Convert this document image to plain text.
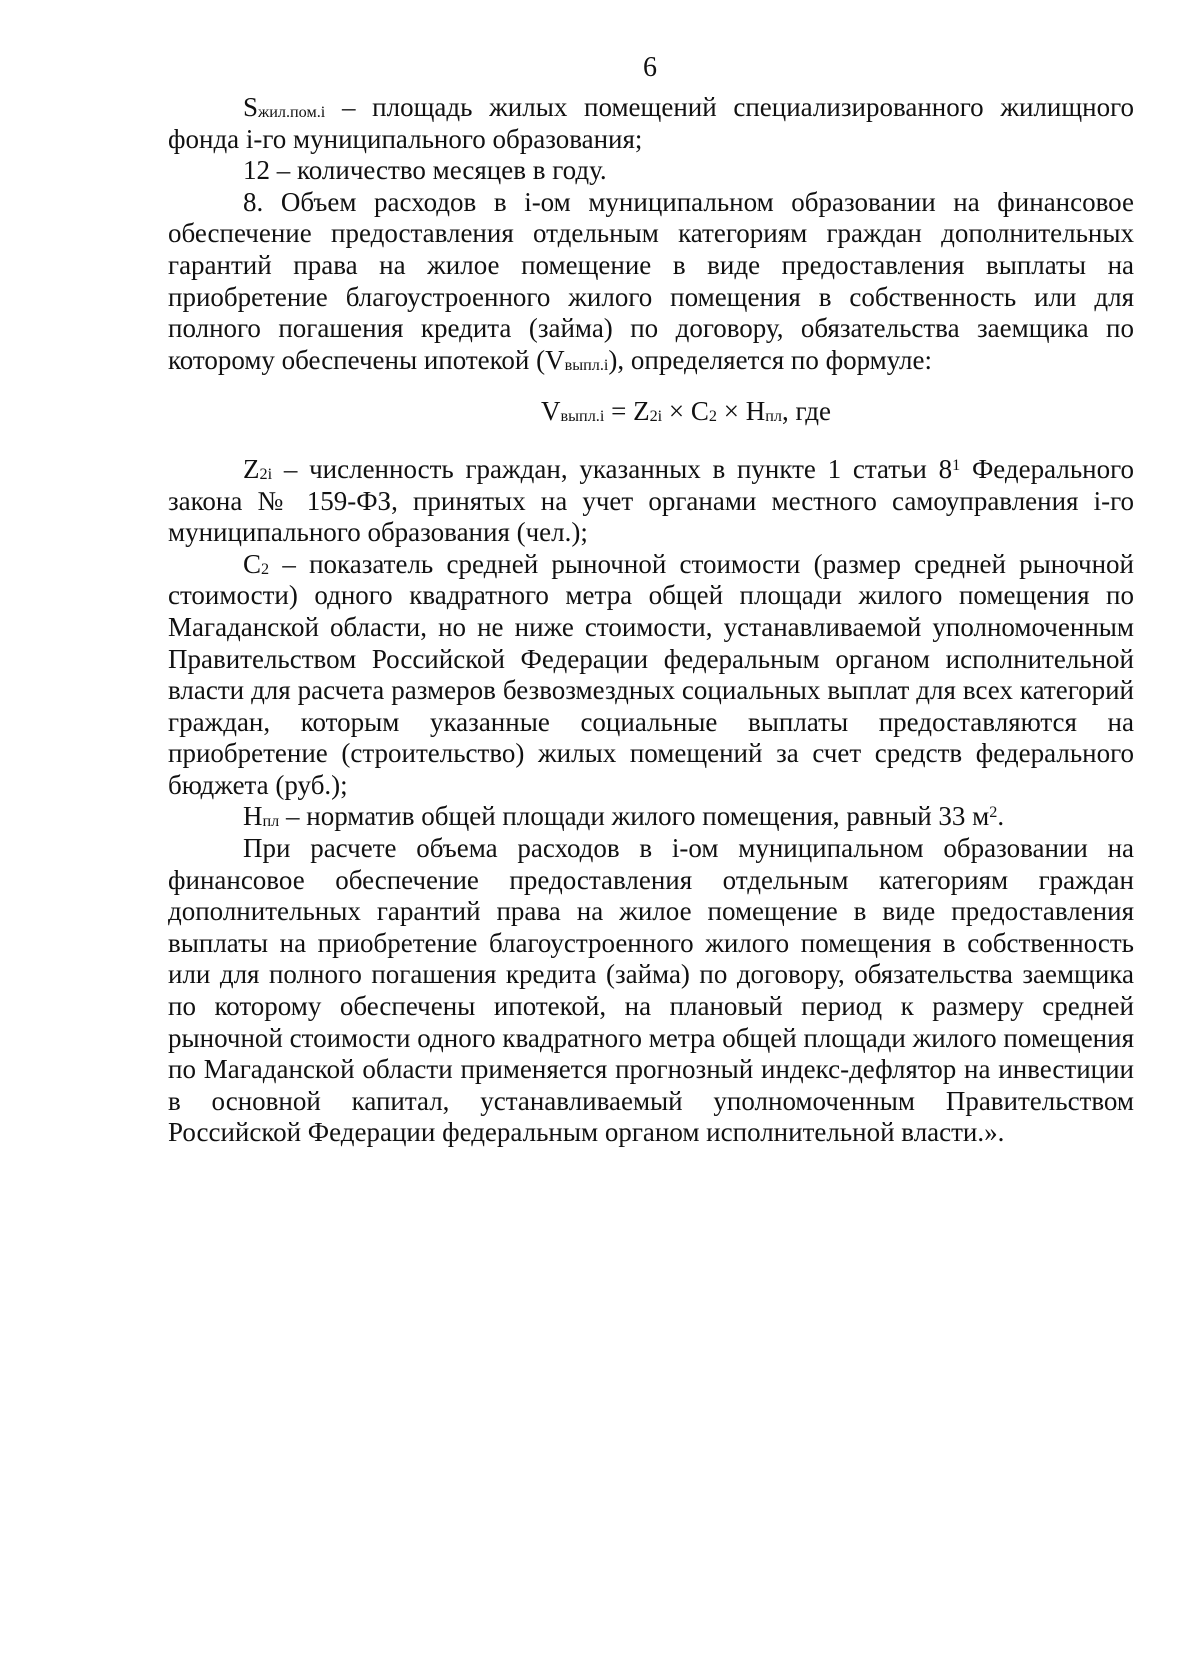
6

$S_{жил.пом.i}$ – площадь жилых помещений специализированного жилищного фонда i-го муниципального образования;

12 – количество месяцев в году.

8. Объем расходов в i-ом муниципальном образовании на финансовое обеспечение предоставления отдельным категориям граждан дополнительных гарантий права на жилое помещение в виде предоставления выплаты на приобретение благоустроенного жилого помещения в собственность или для полного погашения кредита (займа) по договору, обязательства заемщика по которому обеспечены ипотекой $(V_{выпл.i})$, определяется по формуле:

$V_{выпл.i} = Z_{2i} \times C_2 \times H_{пл}$, где

$Z_{2i}$ – численность граждан, указанных в пункте 1 статьи $8^1$ Федерального закона № 159-ФЗ, принятых на учет органами местного самоуправления i-го муниципального образования (чел.);

$C_2$ – показатель средней рыночной стоимости (размер средней рыночной стоимости) одного квадратного метра общей площади жилого помещения по Магаданской области, но не ниже стоимости, устанавливаемой уполномоченным Правительством Российской Федерации федеральным органом исполнительной власти для расчета размеров безвозмездных социальных выплат для всех категорий граждан, которым указанные социальные выплаты предоставляются на приобретение (строительство) жилых помещений за счет средств федерального бюджета (руб.);

$H_{пл}$ – норматив общей площади жилого помещения, равный 33 $м^2$.

При расчете объема расходов в i-ом муниципальном образовании на финансовое обеспечение предоставления отдельным категориям граждан дополнительных гарантий права на жилое помещение в виде предоставления выплаты на приобретение благоустроенного жилого помещения в собственность или для полного погашения кредита (займа) по договору, обязательства заемщика по которому обеспечены ипотекой, на плановый период к размеру средней рыночной стоимости одного квадратного метра общей площади жилого помещения по Магаданской области применяется прогнозный индекс-дефлятор на инвестиции в основной капитал, устанавливаемый уполномоченным Правительством Российской Федерации федеральным органом исполнительной власти.».
